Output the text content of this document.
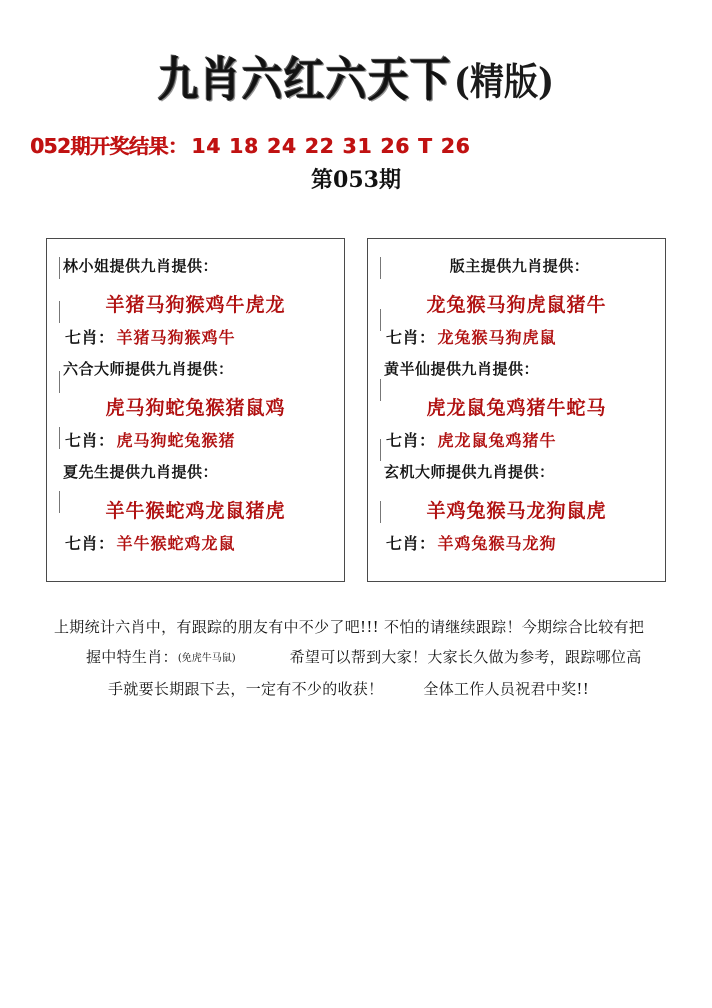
九肖六红六天下(精版)
052期开奖结果： 14 18 24 22 31 26 T 26
第053期
林小姐提供九肖提供：
羊猪马狗猴鸡牛虎龙
七肖： 羊猪马狗猴鸡牛
六合大师提供九肖提供：
虎马狗蛇兔猴猪鼠鸡
七肖： 虎马狗蛇兔猴猪
夏先生提供九肖提供：
羊牛猴蛇鸡龙鼠猪虎
七肖： 羊牛猴蛇鸡龙鼠
版主提供九肖提供：
龙兔猴马狗虎鼠猪牛
七肖： 龙兔猴马狗虎鼠
黄半仙提供九肖提供：
虎龙鼠兔鸡猪牛蛇马
七肖： 虎龙鼠兔鸡猪牛
玄机大师提供九肖提供：
羊鸡兔猴马龙狗鼠虎
七肖： 羊鸡兔猴马龙狗
上期统计六肖中，有跟踪的朋友有中不少了吧!!! 不怕的请继续跟踪！今期综合比较有把
握中特生肖：(免虎牛马鼠)	希望可以帮到大家！大家长久做为参考，跟踪哪位高
手就要长期跟下去，一定有不少的收获！	全体工作人员祝君中奖!!
